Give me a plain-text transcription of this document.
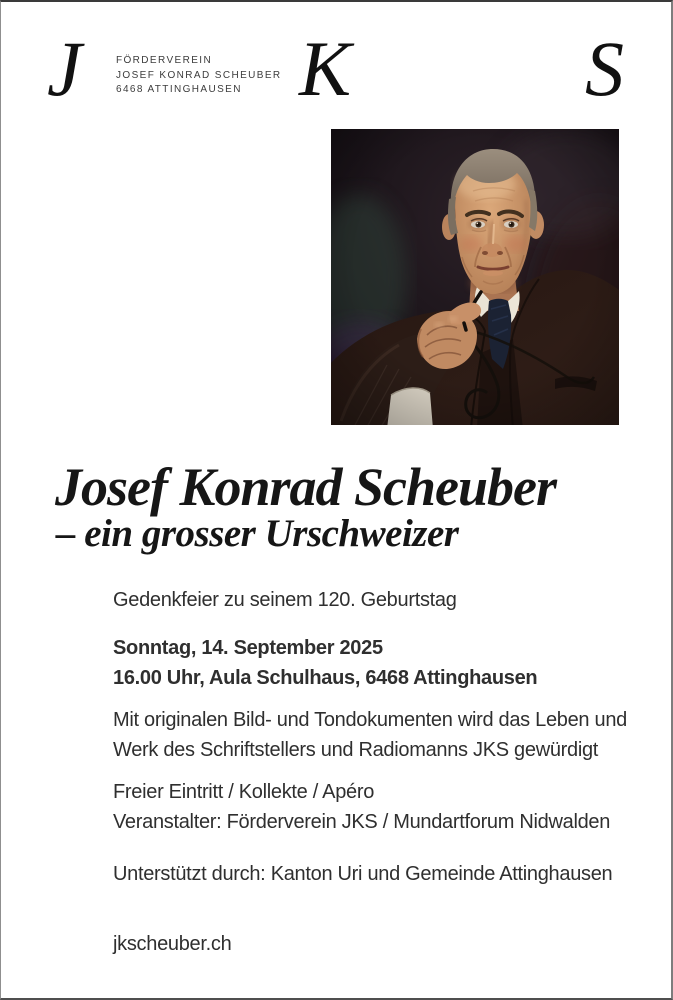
J	K	S
FÖRDERVEREIN
JOSEF KONRAD SCHEUBER
6468 ATTINGHAUSEN
Josef Konrad Scheuber
– ein grosser Urschweizer

Gedenkfeier zu seinem 120. Geburtstag

Sonntag, 14. September 2025

16.00 Uhr, Aula Schulhaus, 6468 Attinghausen

Mit originalen Bild- und Tondokumenten wird das Leben und

Werk des Schriftstellers und Radiomanns JKS gewürdigt

Freier Eintritt / Kollekte / Apéro

Veranstalter: Förderverein JKS / Mundartforum Nidwalden

Unterstützt durch: Kanton Uri und Gemeinde Attinghausen

jkscheuber.ch
